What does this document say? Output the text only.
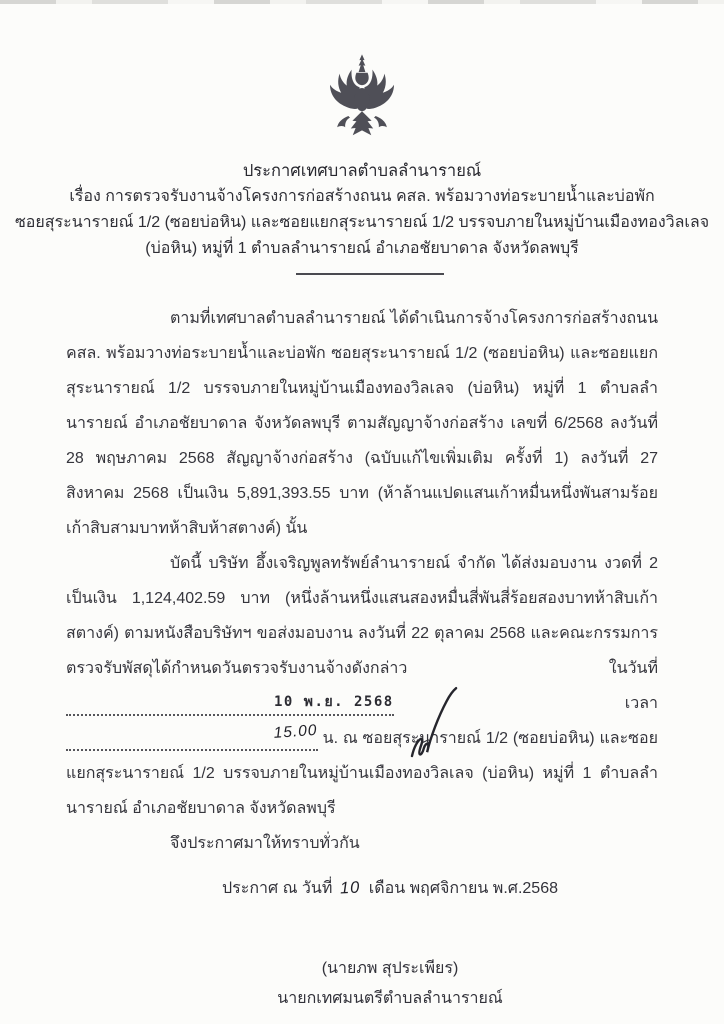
ประกาศเทศบาลตำบลลำนารายณ์
เรื่อง การตรวจรับงานจ้างโครงการก่อสร้างถนน คสล. พร้อมวางท่อระบายน้ำและบ่อพัก
ซอยสุระนารายณ์ 1/2 (ซอยบ่อหิน) และซอยแยกสุระนารายณ์ 1/2 บรรจบภายในหมู่บ้านเมืองทองวิลเลจ
(บ่อหิน) หมู่ที่ 1 ตำบลลำนารายณ์ อำเภอชัยบาดาล จังหวัดลพบุรี

ตามที่เทศบาลตำบลลำนารายณ์ ได้ดำเนินการจ้างโครงการก่อสร้างถนน คสล. พร้อมวางท่อระบายน้ำและบ่อพัก ซอยสุระนารายณ์ 1/2 (ซอยบ่อหิน) และซอยแยกสุระนารายณ์ 1/2 บรรจบภายในหมู่บ้านเมืองทองวิลเลจ (บ่อหิน) หมู่ที่ 1 ตำบลลำนารายณ์ อำเภอชัยบาดาล จังหวัดลพบุรี ตามสัญญาจ้างก่อสร้าง เลขที่ 6/2568 ลงวันที่ 28 พฤษภาคม 2568 สัญญาจ้างก่อสร้าง (ฉบับแก้ไขเพิ่มเติม ครั้งที่ 1) ลงวันที่ 27 สิงหาคม 2568 เป็นเงิน 5,891,393.55 บาท (ห้าล้านแปดแสนเก้าหมื่นหนึ่งพันสามร้อยเก้าสิบสามบาทห้าสิบห้าสตางค์) นั้น

บัดนี้ บริษัท อึ้งเจริญพูลทรัพย์ลำนารายณ์ จำกัด ได้ส่งมอบงาน งวดที่ 2 เป็นเงิน 1,124,402.59 บาท (หนึ่งล้านหนึ่งแสนสองหมื่นสี่พันสี่ร้อยสองบาทห้าสิบเก้าสตางค์) ตามหนังสือบริษัทฯ ขอส่งมอบงาน ลงวันที่ 22 ตุลาคม 2568 และคณะกรรมการตรวจรับพัสดุได้กำหนดวันตรวจรับงานจ้างดังกล่าว ในวันที่ 10 พ.ย. 2568	เวลา 15.00 น. ณ ซอยสุระนารายณ์ 1/2 (ซอยบ่อหิน) และซอยแยกสุระนารายณ์ 1/2 บรรจบภายในหมู่บ้านเมืองทองวิลเลจ (บ่อหิน) หมู่ที่ 1 ตำบลลำนารายณ์ อำเภอชัยบาดาล จังหวัดลพบุรี

จึงประกาศมาให้ทราบทั่วกัน
ประกาศ ณ วันที่ 10 เดือน พฤศจิกายน พ.ศ.2568
(นายภพ สุประเพียร)
นายกเทศมนตรีตำบลลำนารายณ์
